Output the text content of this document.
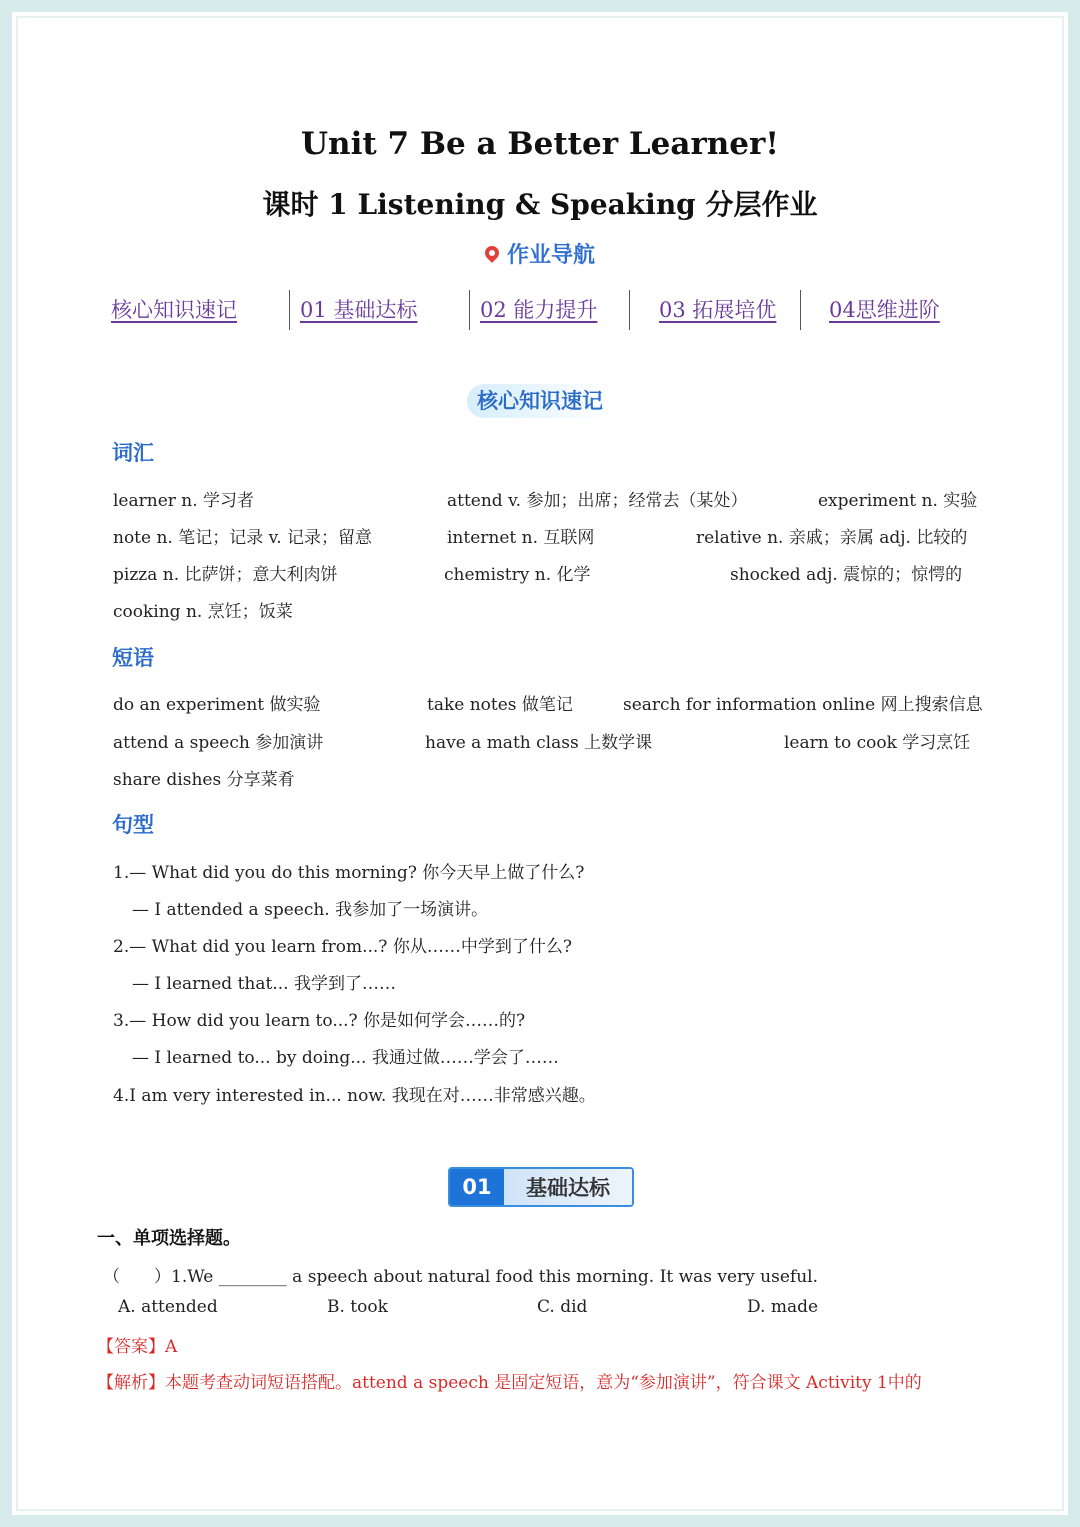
Unit 7 Be a Better Learner!
课时 1 Listening & Speaking 分层作业
作业导航
核心知识速记	01 基础达标	02 能力提升	03 拓展培优	04思维进阶
核心知识速记
词汇
learner n. 学习者	attend v. 参加；出席；经常去（某处）	experiment n. 实验
note n. 笔记；记录 v. 记录；留意	internet n. 互联网	relative n. 亲戚；亲属 adj. 比较的
pizza n. 比萨饼；意大利肉饼	chemistry n. 化学	shocked adj. 震惊的；惊愕的
cooking n. 烹饪；饭菜
短语
do an experiment 做实验	take notes 做笔记	search for information online 网上搜索信息
attend a speech 参加演讲	have a math class 上数学课	learn to cook 学习烹饪
share dishes 分享菜肴
句型
1.— What did you do this morning? 你今天早上做了什么?
— I attended a speech. 我参加了一场演讲。
2.— What did you learn from...? 你从……中学到了什么?
— I learned that... 我学到了……
3.— How did you learn to...? 你是如何学会……的?
— I learned to... by doing... 我通过做……学会了……
4.I am very interested in... now. 我现在对……非常感兴趣。
01	基础达标
一、单项选择题。
（　　）1.We ________ a speech about natural food this morning. It was very useful.
A. attended	B. took	C. did	D. made
【答案】A
【解析】本题考查动词短语搭配。attend a speech 是固定短语，意为“参加演讲”，符合课文 Activity 1中的
